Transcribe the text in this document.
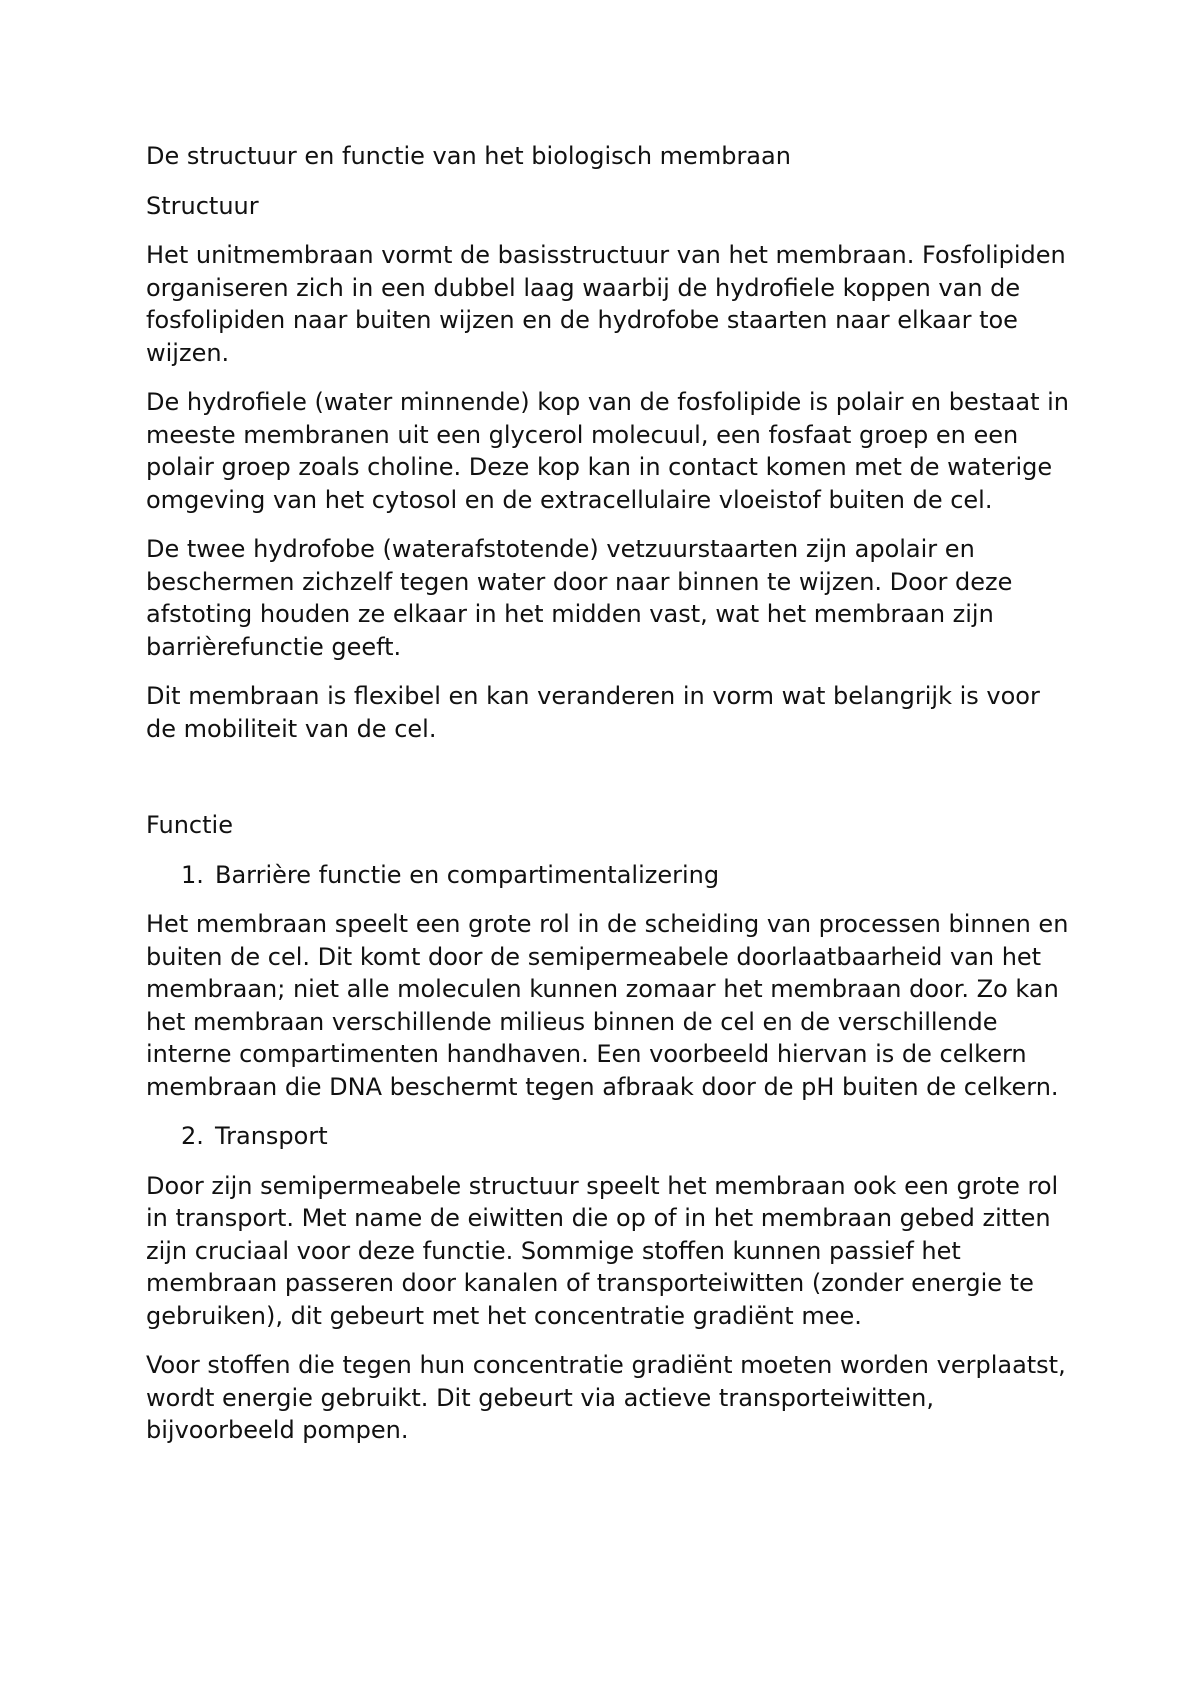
De structuur en functie van het biologisch membraan

Structuur

Het unitmembraan vormt de basisstructuur van het membraan. Fosfolipiden organiseren zich in een dubbel laag waarbij de hydrofiele koppen van de fosfolipiden naar buiten wijzen en de hydrofobe staarten naar elkaar toe wijzen.

De hydrofiele (water minnende) kop van de fosfolipide is polair en bestaat in meeste membranen uit een glycerol molecuul, een fosfaat groep en een polair groep zoals choline. Deze kop kan in contact komen met de waterige omgeving van het cytosol en de extracellulaire vloeistof buiten de cel.

De twee hydrofobe (waterafstotende) vetzuurstaarten zijn apolair en beschermen zichzelf tegen water door naar binnen te wijzen. Door deze afstoting houden ze elkaar in het midden vast, wat het membraan zijn barrièrefunctie geeft.

Dit membraan is flexibel en kan veranderen in vorm wat belangrijk is voor de mobiliteit van de cel.

Functie

1. Barrière functie en compartimentalizering

Het membraan speelt een grote rol in de scheiding van processen binnen en buiten de cel. Dit komt door de semipermeabele doorlaatbaarheid van het membraan; niet alle moleculen kunnen zomaar het membraan door. Zo kan het membraan verschillende milieus binnen de cel en de verschillende interne compartimenten handhaven. Een voorbeeld hiervan is de celkern membraan die DNA beschermt tegen afbraak door de pH buiten de celkern.

2. Transport

Door zijn semipermeabele structuur speelt het membraan ook een grote rol in transport. Met name de eiwitten die op of in het membraan gebed zitten zijn cruciaal voor deze functie. Sommige stoffen kunnen passief het membraan passeren door kanalen of transporteiwitten (zonder energie te gebruiken), dit gebeurt met het concentratie gradiënt mee.

Voor stoffen die tegen hun concentratie gradiënt moeten worden verplaatst, wordt energie gebruikt. Dit gebeurt via actieve transporteiwitten, bijvoorbeeld pompen.
